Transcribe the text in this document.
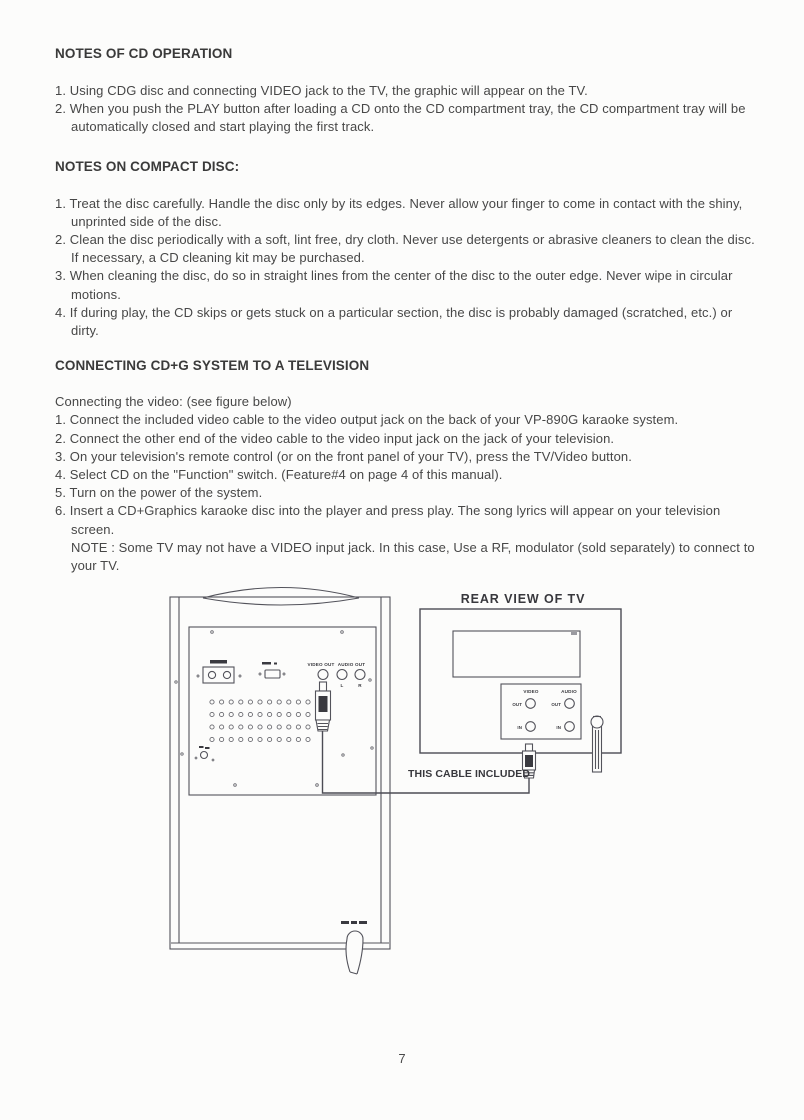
NOTES OF CD OPERATION

1. Using CDG disc and connecting VIDEO jack to the TV, the graphic will appear on the TV.

2. When you push the PLAY button after loading a CD onto the CD compartment tray, the CD compartment tray will be automatically closed and start playing the first track.

NOTES ON COMPACT DISC:

1. Treat the disc carefully. Handle the disc only by its edges. Never allow your finger to come in contact with the shiny, unprinted side of the disc.

2. Clean the disc periodically with a soft, lint free, dry cloth. Never use detergents or abrasive cleaners to clean the disc. If necessary, a CD cleaning kit may be purchased.

3. When cleaning the disc, do so in straight lines from the center of the disc to the outer edge. Never wipe in circular motions.

4. If during play, the CD skips or gets stuck on a particular section, the disc is probably damaged (scratched, etc.) or dirty.

CONNECTING CD+G SYSTEM TO A TELEVISION

Connecting the video: (see figure below)

1. Connect the included video cable to the video output jack on the back of your VP-890G karaoke system.

2. Connect the other end of the video cable to the video input jack on the jack of your television.

3. On your television's remote control (or on the front panel of your TV), press the TV/Video button.

4. Select CD on the "Function" switch. (Feature#4 on page 4 of this manual).

5. Turn on the power of the system.

6. Insert a CD+Graphics karaoke disc into the player and press play. The song lyrics will appear on your television screen.

NOTE : Some TV may not have a VIDEO input jack. In this case, Use a RF, modulator (sold separately) to connect to your TV.

VIDEO OUT AUDIO OUT
L	R
REAR VIEW OF TV
VIDEO	AUDIO
OUT	OUT
IN	IN
THIS CABLE INCLUDED
7
